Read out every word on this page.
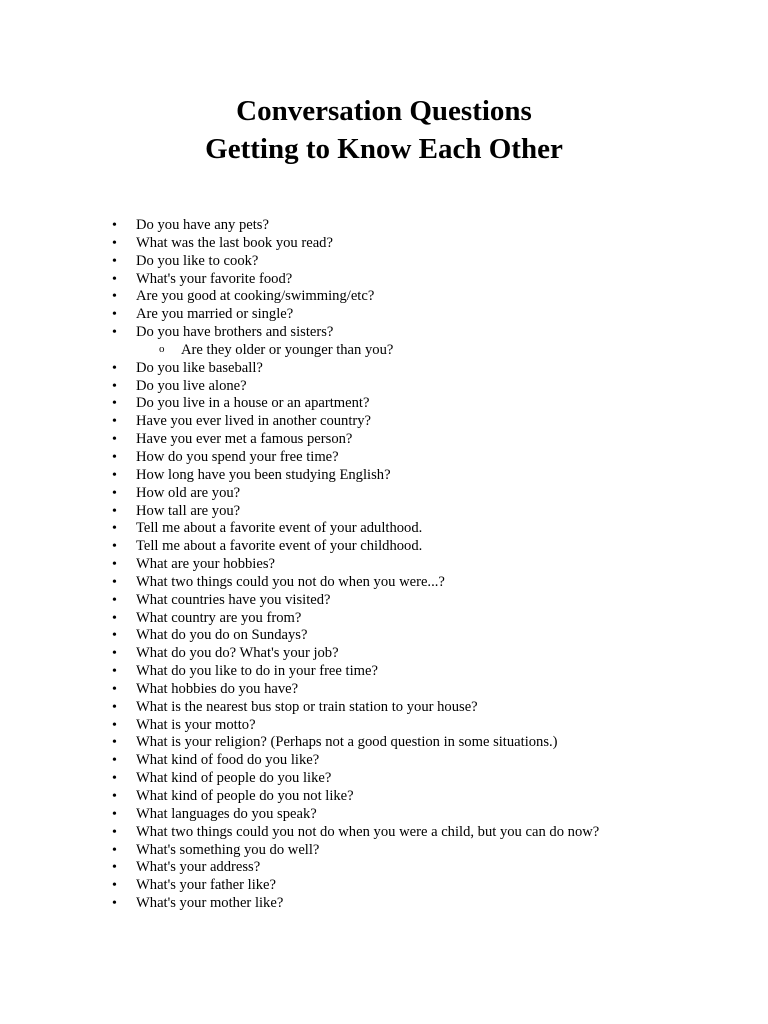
Conversation Questions
Getting to Know Each Other
• Do you have any pets?
• What was the last book you read?
• Do you like to cook?
• What's your favorite food?
• Are you good at cooking/swimming/etc?
• Are you married or single?
• Do you have brothers and sisters?
o Are they older or younger than you?
• Do you like baseball?
• Do you live alone?
• Do you live in a house or an apartment?
• Have you ever lived in another country?
• Have you ever met a famous person?
• How do you spend your free time?
• How long have you been studying English?
• How old are you?
• How tall are you?
• Tell me about a favorite event of your adulthood.
• Tell me about a favorite event of your childhood.
• What are your hobbies?
• What two things could you not do when you were...?
• What countries have you visited?
• What country are you from?
• What do you do on Sundays?
• What do you do? What's your job?
• What do you like to do in your free time?
• What hobbies do you have?
• What is the nearest bus stop or train station to your house?
• What is your motto?
• What is your religion? (Perhaps not a good question in some situations.)
• What kind of food do you like?
• What kind of people do you like?
• What kind of people do you not like?
• What languages do you speak?
• What two things could you not do when you were a child, but you can do now?
• What's something you do well?
• What's your address?
• What's your father like?
• What's your mother like?
